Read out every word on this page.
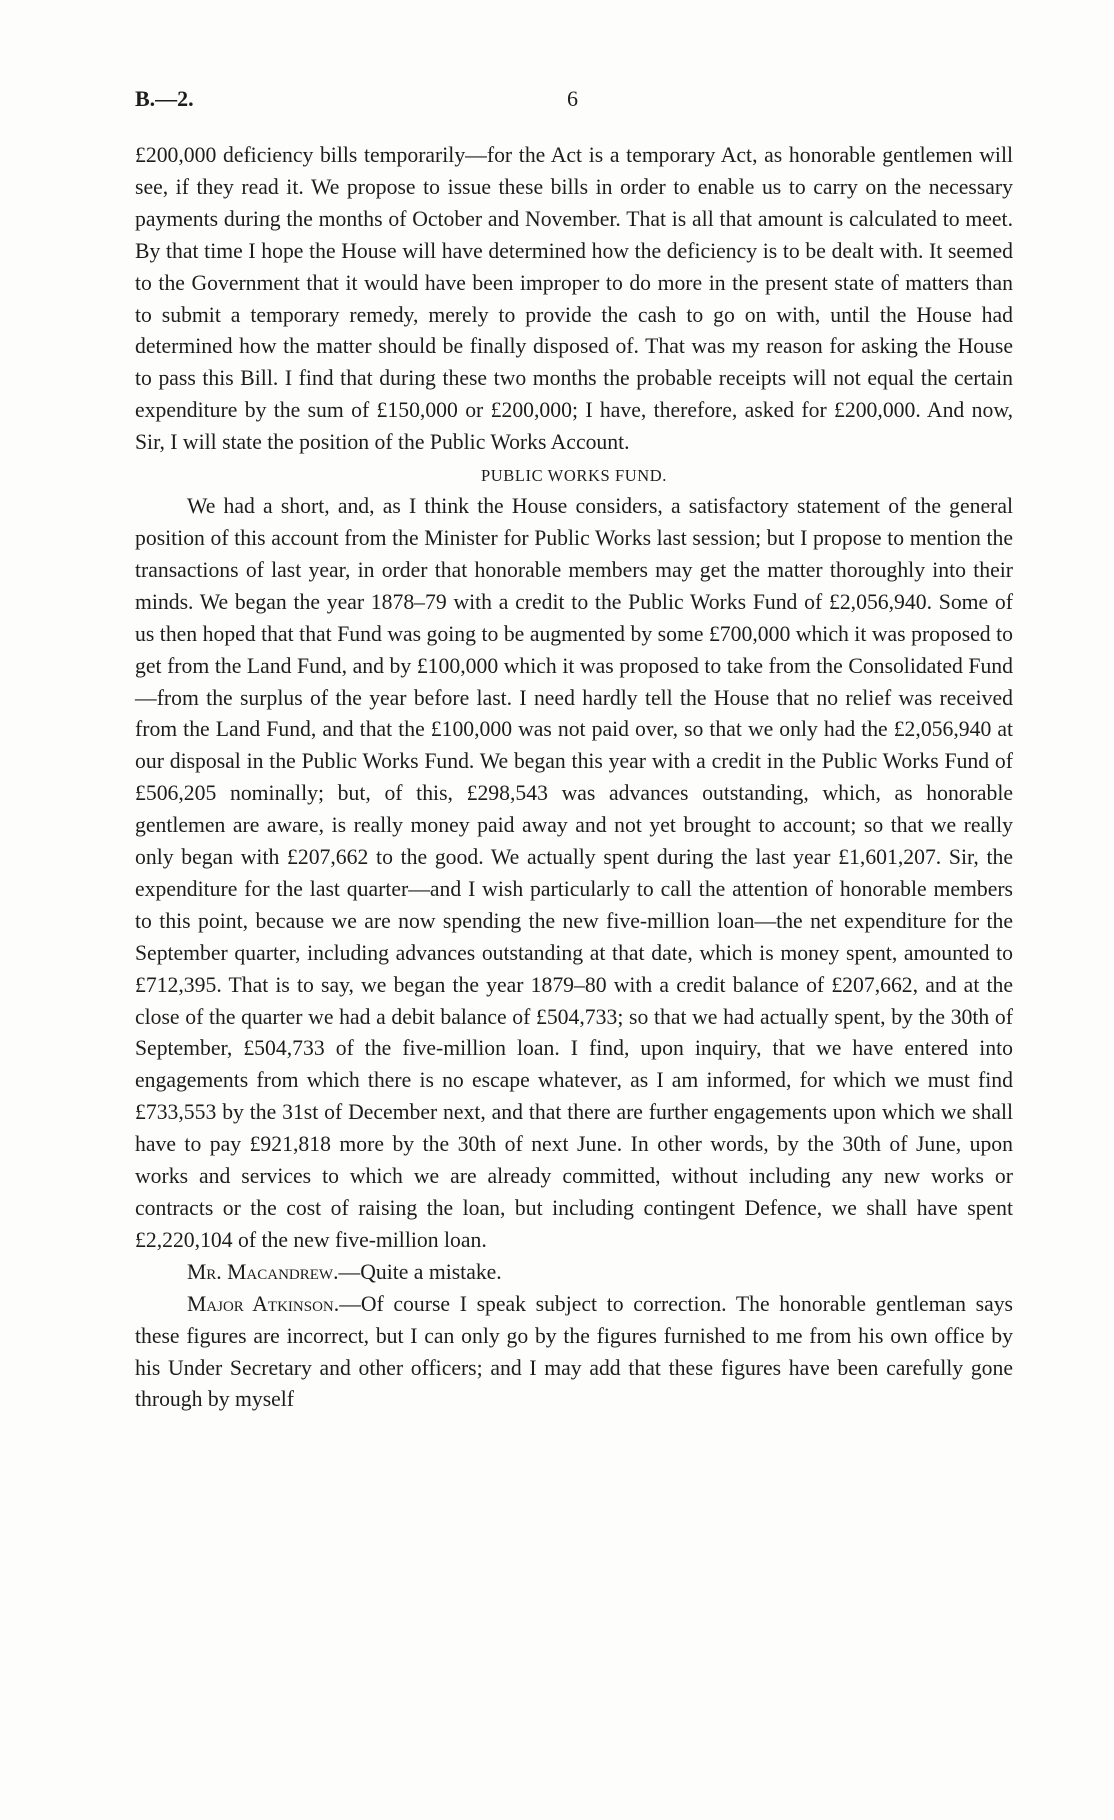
B.—2.	6

£200,000 deficiency bills temporarily—for the Act is a temporary Act, as honorable gentlemen will see, if they read it. We propose to issue these bills in order to enable us to carry on the necessary payments during the months of October and November. That is all that amount is calculated to meet. By that time I hope the House will have determined how the deficiency is to be dealt with. It seemed to the Government that it would have been improper to do more in the present state of matters than to submit a temporary remedy, merely to provide the cash to go on with, until the House had determined how the matter should be finally disposed of. That was my reason for asking the House to pass this Bill. I find that during these two months the probable receipts will not equal the certain expenditure by the sum of £150,000 or £200,000; I have, therefore, asked for £200,000. And now, Sir, I will state the position of the Public Works Account.

PUBLIC WORKS FUND.

We had a short, and, as I think the House considers, a satisfactory statement of the general position of this account from the Minister for Public Works last session; but I propose to mention the transactions of last year, in order that honorable members may get the matter thoroughly into their minds. We began the year 1878–79 with a credit to the Public Works Fund of £2,056,940. Some of us then hoped that that Fund was going to be augmented by some £700,000 which it was proposed to get from the Land Fund, and by £100,000 which it was proposed to take from the Consolidated Fund—from the surplus of the year before last. I need hardly tell the House that no relief was received from the Land Fund, and that the £100,000 was not paid over, so that we only had the £2,056,940 at our disposal in the Public Works Fund. We began this year with a credit in the Public Works Fund of £506,205 nominally; but, of this, £298,543 was advances outstanding, which, as honorable gentlemen are aware, is really money paid away and not yet brought to account; so that we really only began with £207,662 to the good. We actually spent during the last year £1,601,207. Sir, the expenditure for the last quarter—and I wish particularly to call the attention of honorable members to this point, because we are now spending the new five-million loan—the net expenditure for the September quarter, including advances outstanding at that date, which is money spent, amounted to £712,395. That is to say, we began the year 1879–80 with a credit balance of £207,662, and at the close of the quarter we had a debit balance of £504,733; so that we had actually spent, by the 30th of September, £504,733 of the five-million loan. I find, upon inquiry, that we have entered into engagements from which there is no escape whatever, as I am informed, for which we must find £733,553 by the 31st of December next, and that there are further engagements upon which we shall have to pay £921,818 more by the 30th of next June. In other words, by the 30th of June, upon works and services to which we are already committed, without including any new works or contracts or the cost of raising the loan, but including contingent Defence, we shall have spent £2,220,104 of the new five-million loan.

Mr. Macandrew.—Quite a mistake.

Major Atkinson.—Of course I speak subject to correction. The honorable gentleman says these figures are incorrect, but I can only go by the figures furnished to me from his own office by his Under Secretary and other officers; and I may add that these figures have been carefully gone through by myself
